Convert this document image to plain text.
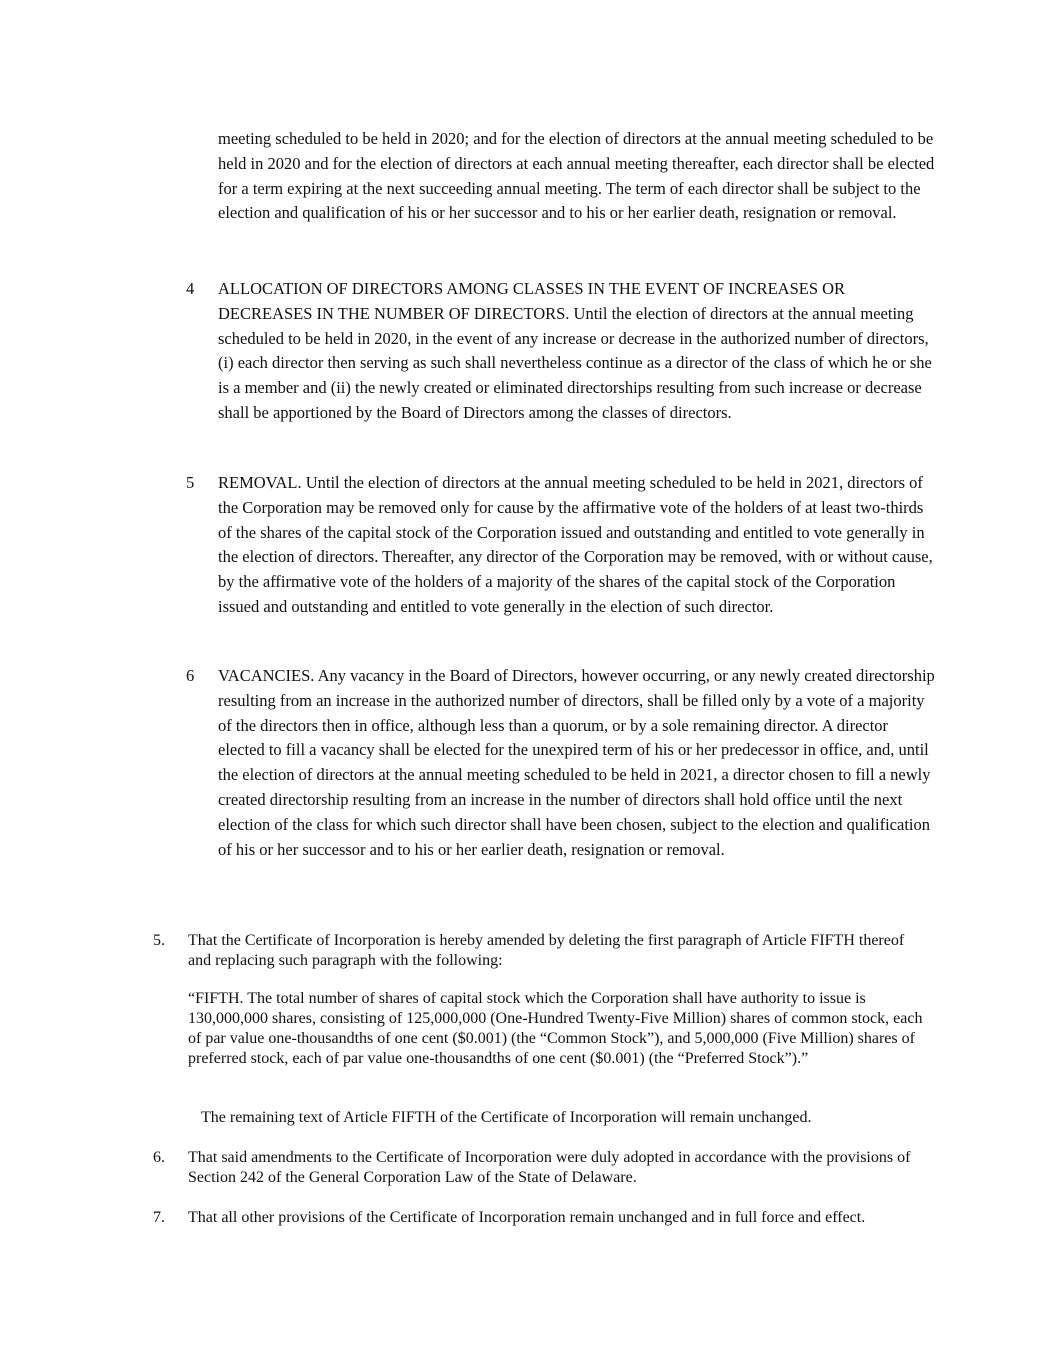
meeting scheduled to be held in 2020; and for the election of directors at the annual meeting scheduled to be held in 2020 and for the election of directors at each annual meeting thereafter, each director shall be elected for a term expiring at the next succeeding annual meeting. The term of each director shall be subject to the election and qualification of his or her successor and to his or her earlier death, resignation or removal.

4 ALLOCATION OF DIRECTORS AMONG CLASSES IN THE EVENT OF INCREASES OR DECREASES IN THE NUMBER OF DIRECTORS. Until the election of directors at the annual meeting scheduled to be held in 2020, in the event of any increase or decrease in the authorized number of directors, (i) each director then serving as such shall nevertheless continue as a director of the class of which he or she is a member and (ii) the newly created or eliminated directorships resulting from such increase or decrease shall be apportioned by the Board of Directors among the classes of directors.

5 REMOVAL. Until the election of directors at the annual meeting scheduled to be held in 2021, directors of the Corporation may be removed only for cause by the affirmative vote of the holders of at least two-thirds of the shares of the capital stock of the Corporation issued and outstanding and entitled to vote generally in the election of directors. Thereafter, any director of the Corporation may be removed, with or without cause, by the affirmative vote of the holders of a majority of the shares of the capital stock of the Corporation issued and outstanding and entitled to vote generally in the election of such director.

6 VACANCIES. Any vacancy in the Board of Directors, however occurring, or any newly created directorship resulting from an increase in the authorized number of directors, shall be filled only by a vote of a majority of the directors then in office, although less than a quorum, or by a sole remaining director. A director elected to fill a vacancy shall be elected for the unexpired term of his or her predecessor in office, and, until the election of directors at the annual meeting scheduled to be held in 2021, a director chosen to fill a newly created directorship resulting from an increase in the number of directors shall hold office until the next election of the class for which such director shall have been chosen, subject to the election and qualification of his or her successor and to his or her earlier death, resignation or removal.

5. That the Certificate of Incorporation is hereby amended by deleting the first paragraph of Article FIFTH thereof and replacing such paragraph with the following:

“FIFTH. The total number of shares of capital stock which the Corporation shall have authority to issue is 130,000,000 shares, consisting of 125,000,000 (One-Hundred Twenty-Five Million) shares of common stock, each of par value one-thousandths of one cent ($0.001) (the “Common Stock”), and 5,000,000 (Five Million) shares of preferred stock, each of par value one-thousandths of one cent ($0.001) (the “Preferred Stock”).”

The remaining text of Article FIFTH of the Certificate of Incorporation will remain unchanged.

6. That said amendments to the Certificate of Incorporation were duly adopted in accordance with the provisions of Section 242 of the General Corporation Law of the State of Delaware.

7. That all other provisions of the Certificate of Incorporation remain unchanged and in full force and effect.
